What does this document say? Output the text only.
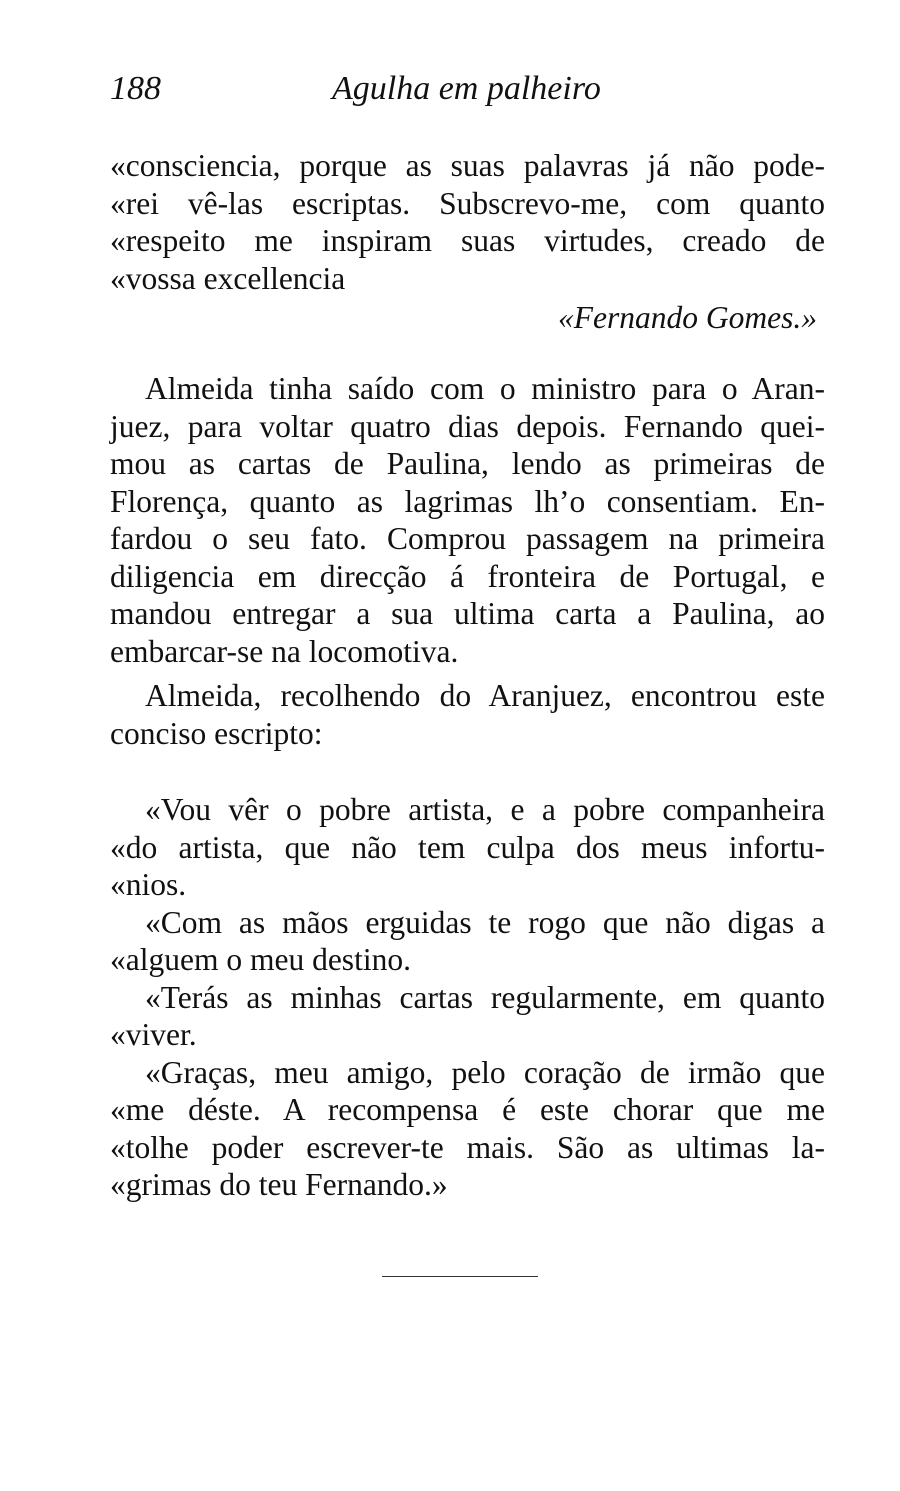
188	Agulha em palheiro
«consciencia, porque as suas palavras já não pode-
«rei vê-las escriptas. Subscrevo-me, com quanto
«respeito me inspiram suas virtudes, creado de
«vossa excellencia
«Fernando Gomes.»
Almeida tinha saído com o ministro para o Aran-
juez, para voltar quatro dias depois. Fernando quei-
mou as cartas de Paulina, lendo as primeiras de
Florença, quanto as lagrimas lh’o consentiam. En-
fardou o seu fato. Comprou passagem na primeira
diligencia em direcção á fronteira de Portugal, e
mandou entregar a sua ultima carta a Paulina, ao
embarcar-se na locomotiva.
Almeida, recolhendo do Aranjuez, encontrou este
conciso escripto:
«Vou vêr o pobre artista, e a pobre companheira
«do artista, que não tem culpa dos meus infortu-
«nios.
«Com as mãos erguidas te rogo que não digas a
«alguem o meu destino.
«Terás as minhas cartas regularmente, em quanto
«viver.
«Graças, meu amigo, pelo coração de irmão que
«me déste. A recompensa é este chorar que me
«tolhe poder escrever-te mais. São as ultimas la-
«grimas do teu Fernando.»
